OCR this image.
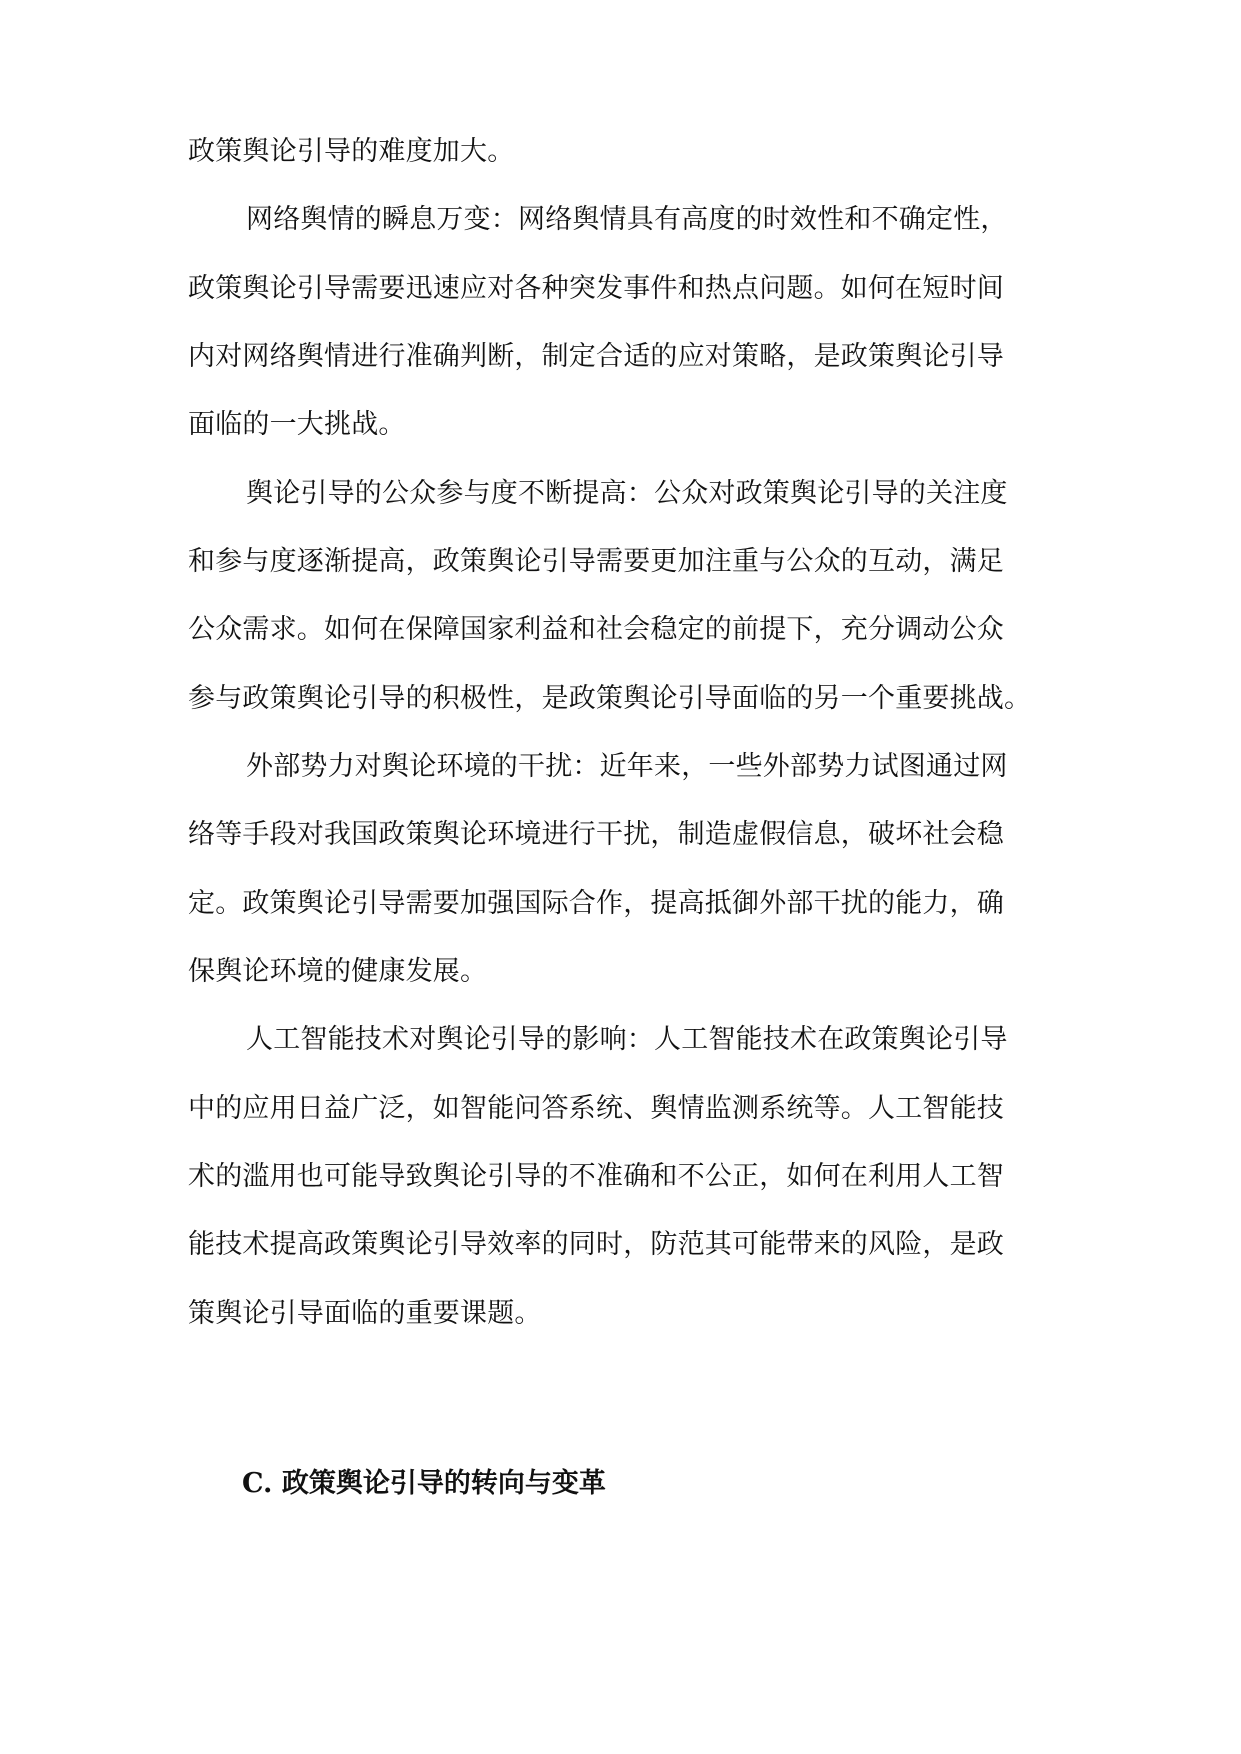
政策舆论引导的难度加大。
网络舆情的瞬息万变：网络舆情具有高度的时效性和不确定性，
政策舆论引导需要迅速应对各种突发事件和热点问题。如何在短时间
内对网络舆情进行准确判断，制定合适的应对策略，是政策舆论引导
面临的一大挑战。
舆论引导的公众参与度不断提高：公众对政策舆论引导的关注度
和参与度逐渐提高，政策舆论引导需要更加注重与公众的互动，满足
公众需求。如何在保障国家利益和社会稳定的前提下，充分调动公众
参与政策舆论引导的积极性，是政策舆论引导面临的另一个重要挑战。
外部势力对舆论环境的干扰：近年来，一些外部势力试图通过网
络等手段对我国政策舆论环境进行干扰，制造虚假信息，破坏社会稳
定。政策舆论引导需要加强国际合作，提高抵御外部干扰的能力，确
保舆论环境的健康发展。
人工智能技术对舆论引导的影响：人工智能技术在政策舆论引导
中的应用日益广泛，如智能问答系统、舆情监测系统等。人工智能技
术的滥用也可能导致舆论引导的不准确和不公正，如何在利用人工智
能技术提高政策舆论引导效率的同时，防范其可能带来的风险，是政
策舆论引导面临的重要课题。
C. 政策舆论引导的转向与变革
